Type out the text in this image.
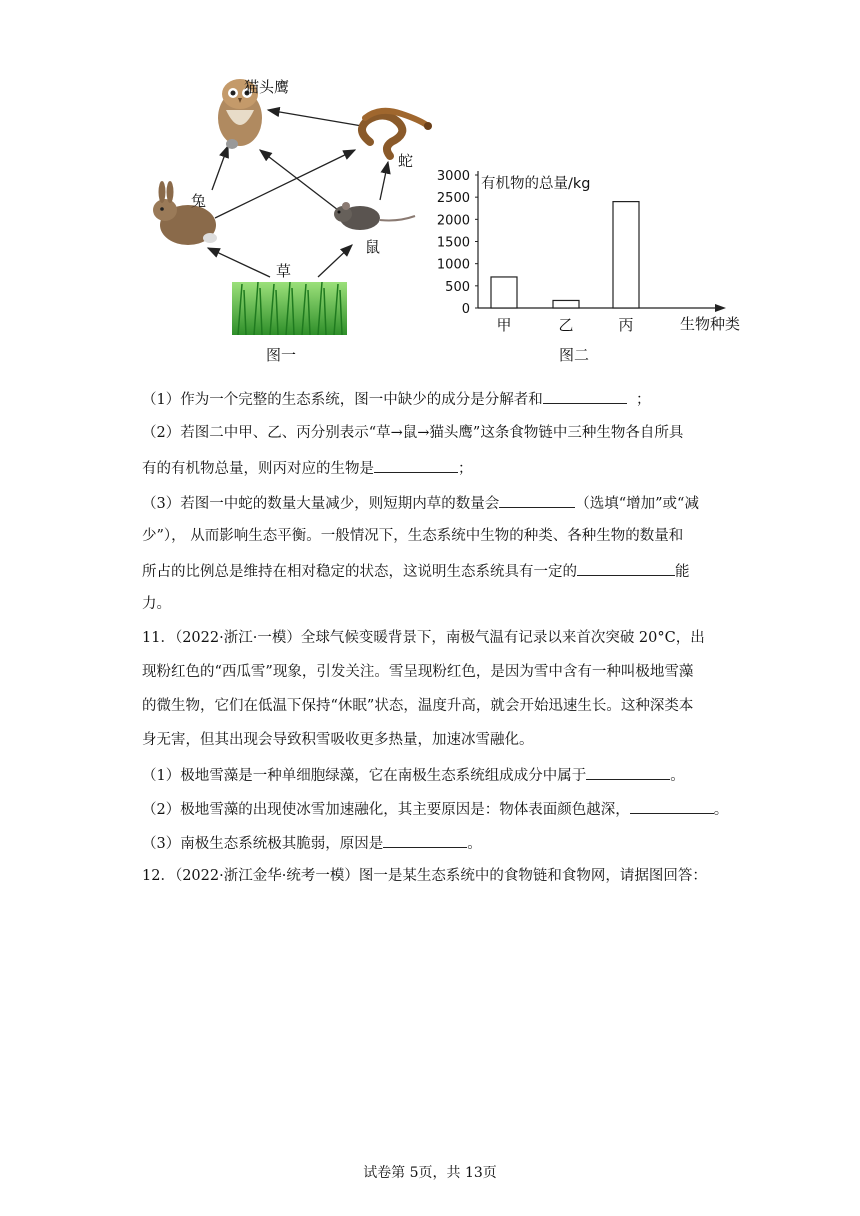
猫头鹰
蛇
兔
鼠
草
图一
0
500
1000
1500
2000
2500
3000 有机物的总量/kg
甲	乙	丙	生物种类
图二
（1）作为一个完整的生态系统，图一中缺少的成分是分解者和	；
（2）若图二中甲、乙、丙分别表示“草→鼠→猫头鹰”这条食物链中三种生物各自所具
有的有机物总量，则丙对应的生物是	；
（3）若图一中蛇的数量大量减少，则短期内草的数量会	（选填“增加”或“减
少”）， 从而影响生态平衡。一般情况下，生态系统中生物的种类、各种生物的数量和
所占的比例总是维持在相对稳定的状态，这说明生态系统具有一定的	能
力。
11．（2022·浙江·一模）全球气候变暖背景下，南极气温有记录以来首次突破 20°C，出
现粉红色的“西瓜雪”现象，引发关注。雪呈现粉红色，是因为雪中含有一种叫极地雪藻
的微生物，它们在低温下保持“休眠”状态，温度升高，就会开始迅速生长。这种深类本
身无害，但其出现会导致积雪吸收更多热量，加速冰雪融化。
（1）极地雪藻是一种单细胞绿藻，它在南极生态系统组成成分中属于	。
（2）极地雪藻的出现使冰雪加速融化，其主要原因是：物体表面颜色越深，	。
（3）南极生态系统极其脆弱，原因是	。
12．（2022·浙江金华·统考一模）图一是某生态系统中的食物链和食物网，请据图回答：
试卷第 5页，共 13页
